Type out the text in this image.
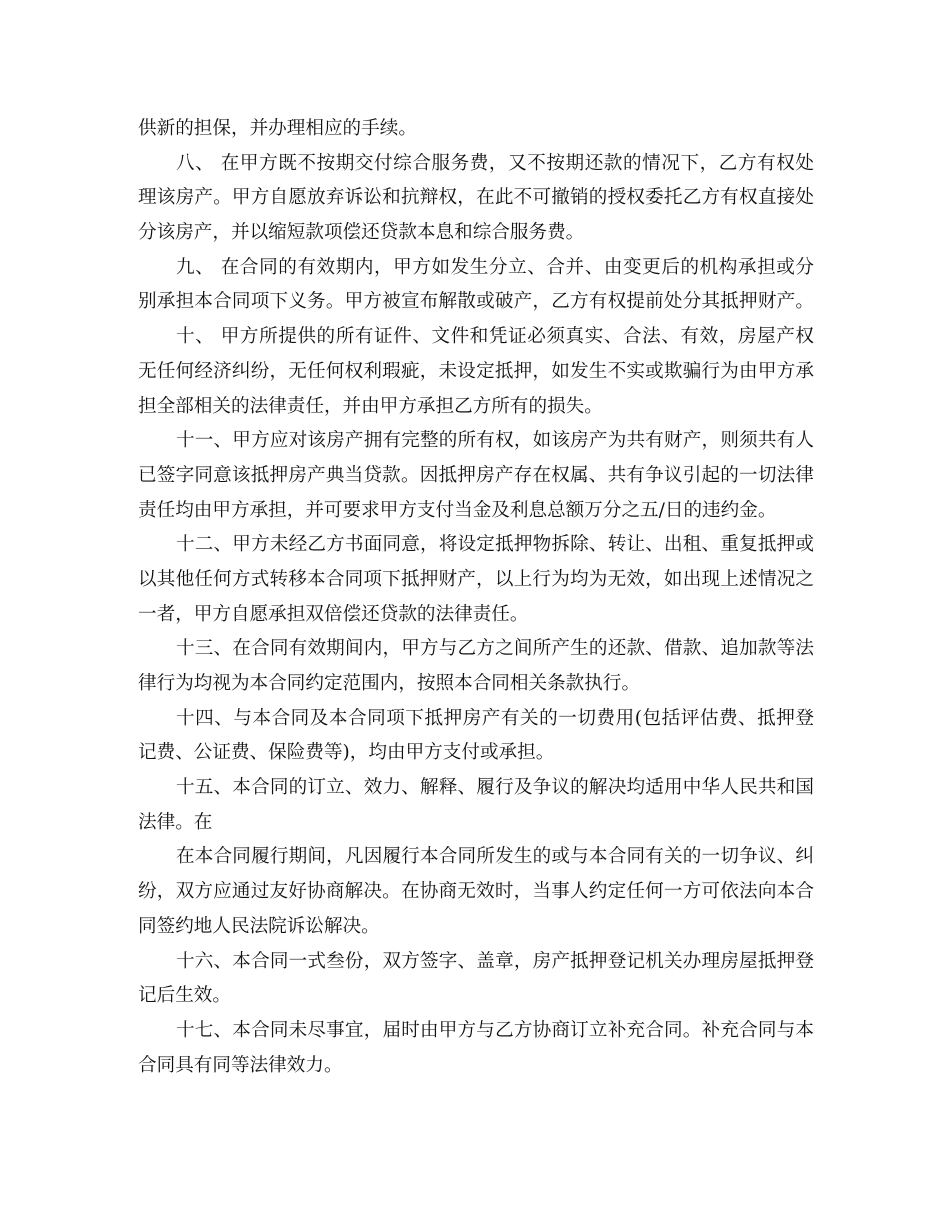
供新的担保，并办理相应的手续。
八、 在甲方既不按期交付综合服务费，又不按期还款的情况下，乙方有权处
理该房产。甲方自愿放弃诉讼和抗辩权，在此不可撤销的授权委托乙方有权直接处
分该房产，并以缩短款项偿还贷款本息和综合服务费。
九、 在合同的有效期内，甲方如发生分立、合并、由变更后的机构承担或分
别承担本合同项下义务。甲方被宣布解散或破产，乙方有权提前处分其抵押财产。
十、 甲方所提供的所有证件、文件和凭证必须真实、合法、有效，房屋产权
无任何经济纠纷，无任何权利瑕疵，未设定抵押，如发生不实或欺骗行为由甲方承
担全部相关的法律责任，并由甲方承担乙方所有的损失。
十一、甲方应对该房产拥有完整的所有权，如该房产为共有财产，则须共有人
已签字同意该抵押房产典当贷款。因抵押房产存在权属、共有争议引起的一切法律
责任均由甲方承担，并可要求甲方支付当金及利息总额万分之五/日的违约金。
十二、甲方未经乙方书面同意，将设定抵押物拆除、转让、出租、重复抵押或
以其他任何方式转移本合同项下抵押财产，以上行为均为无效，如出现上述情况之
一者，甲方自愿承担双倍偿还贷款的法律责任。
十三、在合同有效期间内，甲方与乙方之间所产生的还款、借款、追加款等法
律行为均视为本合同约定范围内，按照本合同相关条款执行。
十四、与本合同及本合同项下抵押房产有关的一切费用(包括评估费、抵押登
记费、公证费、保险费等)，均由甲方支付或承担。
十五、本合同的订立、效力、解释、履行及争议的解决均适用中华人民共和国
法律。在
在本合同履行期间，凡因履行本合同所发生的或与本合同有关的一切争议、纠
纷，双方应通过友好协商解决。在协商无效时，当事人约定任何一方可依法向本合
同签约地人民法院诉讼解决。
十六、本合同一式叁份，双方签字、盖章，房产抵押登记机关办理房屋抵押登
记后生效。
十七、本合同未尽事宜，届时由甲方与乙方协商订立补充合同。补充合同与本
合同具有同等法律效力。
